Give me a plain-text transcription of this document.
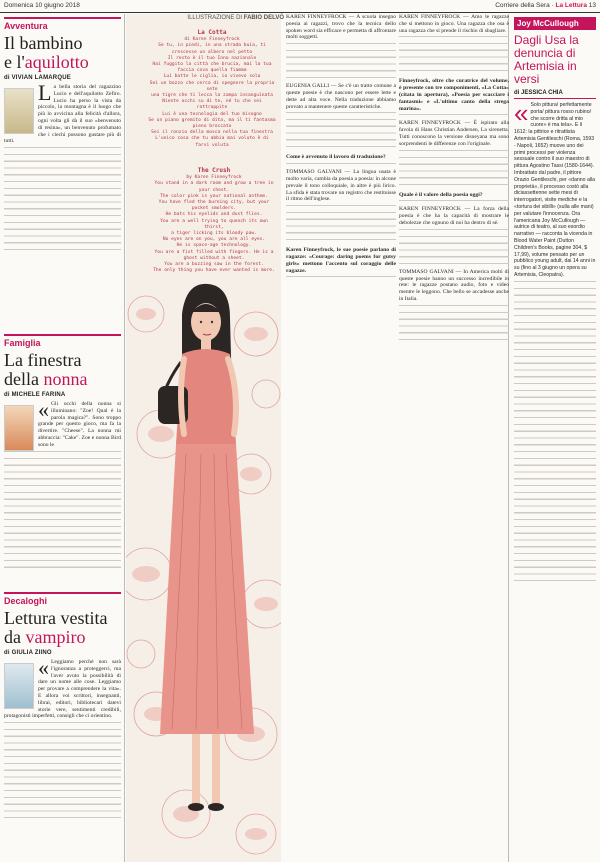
Domenica 10 giugno 2018	Corriere della Sera · La Lettura 13
Avventura
Il bambino
e l'aquilotto
di VIVIAN LAMARQUE
La bella storia del ragazzino Lucio e dell'aquilotto Zefiro. Lucio ha perso la vista da piccolo, la montagna è il luogo che più lo avvicina alla felicità d'allora, ogni volta gli dà il suo «benvenuto di resina», un benvenuto profumato che i ciechi possono gustare più di tutti.
Famiglia
La finestra
della nonna
di MICHELE FARINA
« Gli occhi della nonna si illuminano: "Zoe! Qual è la parola magica?". Sono troppo grande per questo gioco, ma fa la divertire. "Cheese". La nonna mi abbraccia: "Cake". Zoe e nonna Bird sono le
Decaloghi
Lettura vestita
da vampiro
di GIULIA ZIINO
« Leggiamo perché non sarà l'ignoranza a proteggerci, ma l'aver avuto la possibilità di dare un nome alle cose. Leggiamo per provare a comprendere la vita». E allora voi scrittori, insegnanti, librai, editori, bibliotecari datevi storie vere, sentimenti credibili, protagonisti imperfetti, consigli che ci orientino.
ILLUSTRAZIONE DI FABIO DELVÒ
La Cotta
di Karen Finneyfrock
Se tu, in piedi, in una strada buia, ti crescesse un albero nel petto
Il resto è il tuo Inno nazionale
Hai fuggito la città che brucia, mai la tua faccia cova quella fiamma
Lui batte le ciglia, io vivevo sola
Sei un bozzo che cerca di spegnere la propria sete
una tigre che ti lecca la zampa insanguinata
Niente occhi su di te, né tu che sei rattrappite
Lui è una tecnologia del tuo bisogno
Se un piano gremito di dita, ma il ti fantasma pieno broccato
Sei il ronzio della mosca nella tua finestra
L'unico cosa che tu abbia mai voluto è di farvi voluta
The Crush
by Karen Finneyfrock
You stand in a dark room and grow a tree in your chest.
The color pink is your national anthem.
You have fled the burning city, but your pocket smolders.
He bats his eyelids and dust flies.
You are a well trying to quench its own thirst,
a tiger licking its bloody paw.
No eyes are on you, you are all eyes.
He is space-age technology.
You are a fist filled with fingers. He is a ghost without a sheet.
You are a buzzing saw in the forest.
The only thing you have ever wanted is more.

KAREN FINNEYFROCK — A scuola insegno poesia ai ragazzi, trovo che la tecnica dello spoken word sia efficace e permetta di affrontare molti soggetti.

EUGENIA GALLI — Se c'è un tratto comune a queste poesie è che nascono per essere lette e dette ad alta voce. Nella traduzione abbiamo provato a mantenere queste caratteristiche.

Come è avvenuto il lavoro di traduzione?

TOMMASO GALVANI — La lingua usata è molto varia, cambia da poesia a poesia: in alcune prevale il tono colloquiale, in altre è più lirico. La sfida è stata trovare un registro che restituisse il ritmo dell'inglese.

Karen Finneyfrock, le sue poesie parlano di ragazze: «Courage: daring poems for gutsy girls» mettono l'accento sul coraggio delle ragazze.

KAREN FINNEYFROCK — Amo le ragazze che si mettono in gioco. Una ragazza che osa è una ragazza che si prende il rischio di sbagliare.

Finneyfrock, oltre che curatrice del volume, è presente con tre componimenti, «La Cotta» (citata in apertura), «Poesia per scacciare i fantasmi» e «L'ultimo canto della strega marina».

KAREN FINNEYFROCK — È ispirato alla favola di Hans Christian Andersen, La sirenetta. Tutti conoscono la versione disneyana ma sono sorprendenti le differenze con l'originale.

Quale è il valore della poesia oggi?

KAREN FINNEYFROCK — La forza della poesia è che ha la capacità di mostrare le debolezze che ognuno di noi ha dentro di sé.

TOMMASO GALVANI — In America molti di queste poesie hanno un successo incredibile in rete: le ragazze postano audio, foto e video mentre le leggono. Che bello se accadesse anche in Italia.

Joy McCullough
Dagli Usa la denuncia di Artemisia in versi
di JESSICA CHIA
« Solo pittura/ perfettamente porta/ pittura rosso rubino/ che scorre dritta al mio cuore» è ma tela». E il 1612: la pittrice e ritrattista Artemisia Gentileschi (Roma, 1593 - Napoli, 1652) muove uno dei primi processi per violenza sessuale contro il suo maestro di pittura Agostino Tassi (1580-1644). Imbrattato dal padre, il pittore Orazio Gentileschi, per «danno alla proprietà», il processo costò alla diciassettenne sette mesi di interrogatori, visite mediche e la «tortura dei sibilli» (sulla alle mani) per valutare l'innocenza. Ora l'americana Joy McCullough — autrice di teatro, al suo esordio narrativo — racconta la vicenda in Blood Water Paint (Dutton Children's Books, pagine 304, $ 17,99), volume pensato per un pubblico young adult, dai 14 anni in su (fino al 3 giugno un opera su Artemisia, Cleopatra).
